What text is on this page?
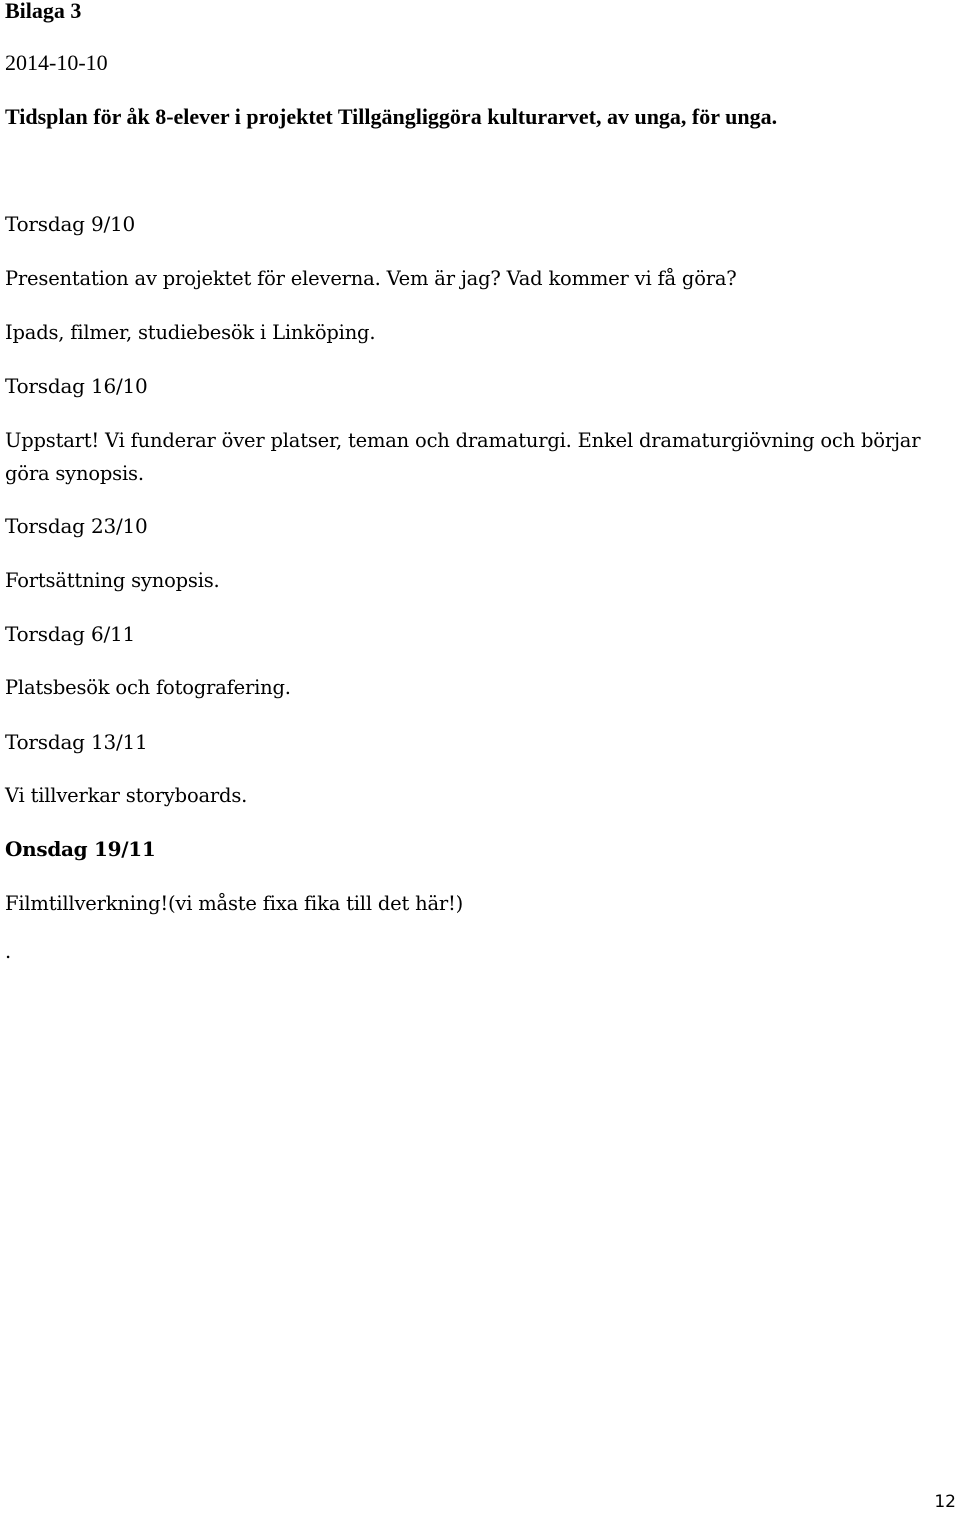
Bilaga 3

2014-10-10

Tidsplan för åk 8-elever i projektet Tillgängliggöra kulturarvet, av unga, för unga.

Torsdag 9/10

Presentation av projektet för eleverna. Vem är jag? Vad kommer vi få göra?

Ipads, filmer, studiebesök i Linköping.

Torsdag 16/10

Uppstart! Vi funderar över platser, teman och dramaturgi. Enkel dramaturgiövning och börjar göra synopsis.

Torsdag 23/10

Fortsättning synopsis.

Torsdag 6/11

Platsbesök och fotografering.

Torsdag 13/11

Vi tillverkar storyboards.

Onsdag 19/11

Filmtillverkning!(vi måste fixa fika till det här!)

.

12
